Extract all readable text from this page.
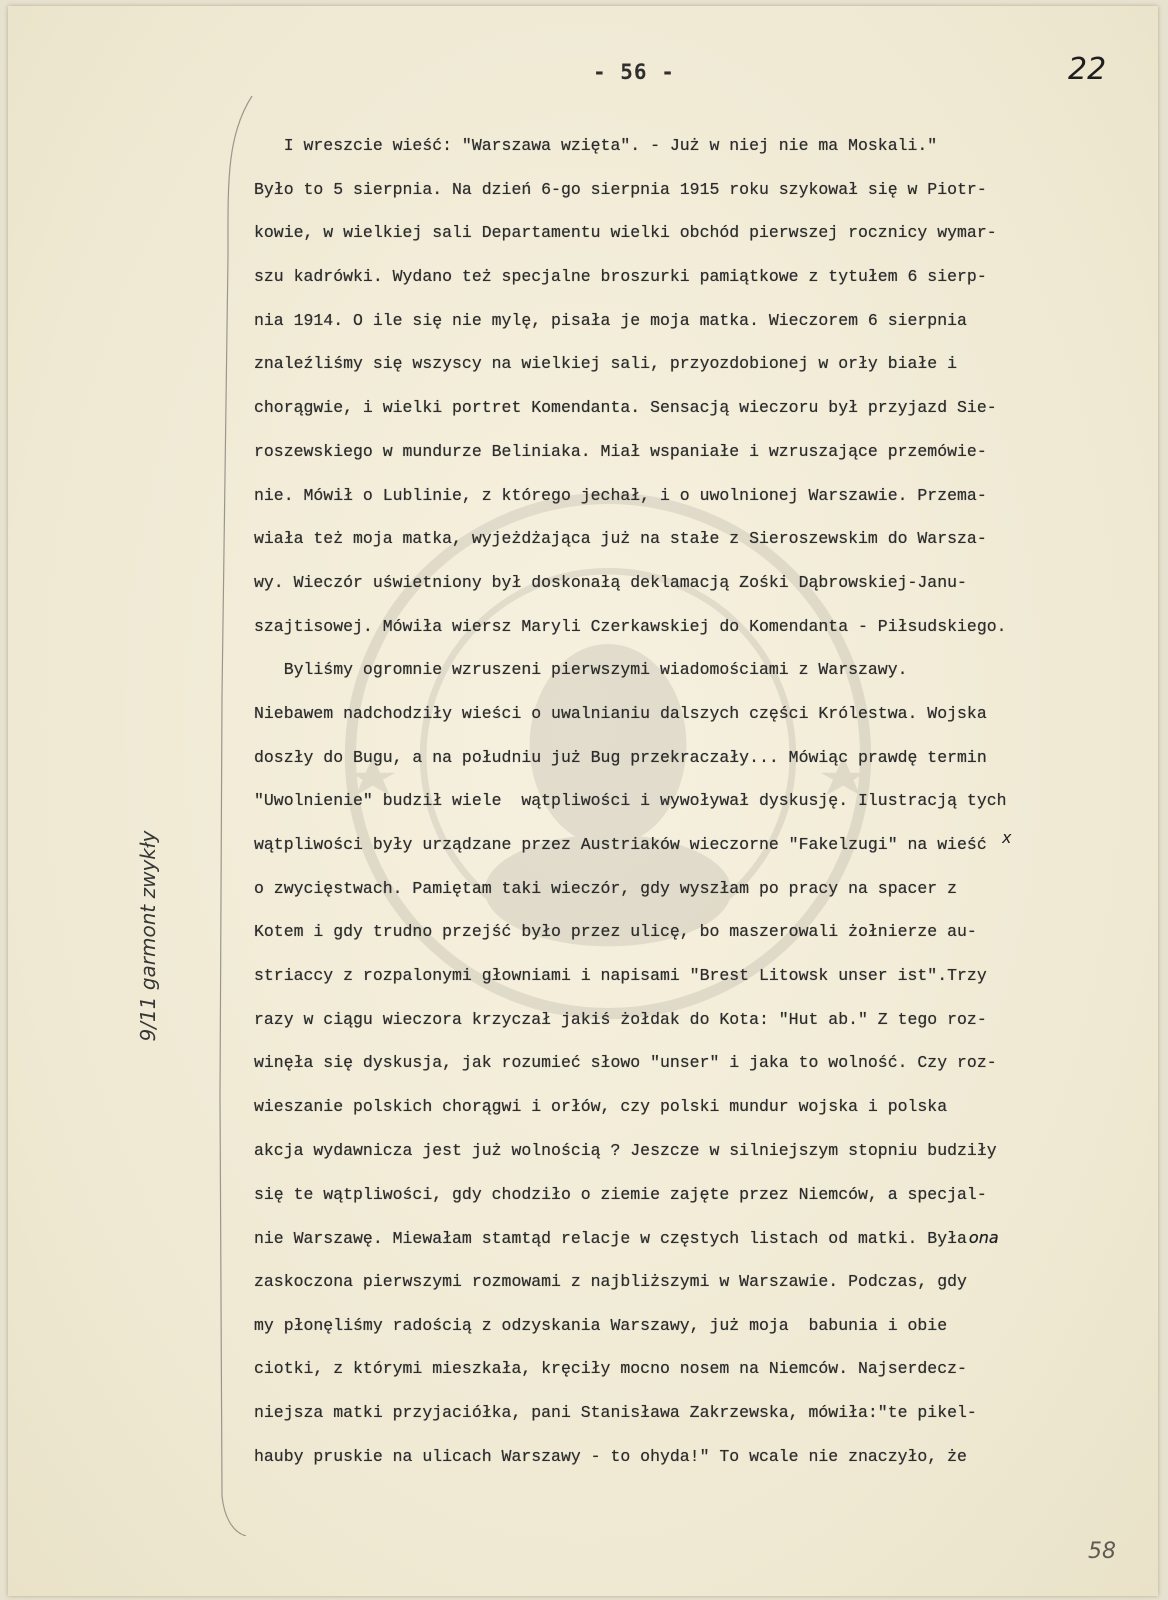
- 56 -	22
9/11 garmont zwykły
I wreszcie wieść: "Warszawa wzięta". - Już w niej nie ma Moskali."
Było to 5 sierpnia. Na dzień 6-go sierpnia 1915 roku szykował się w Piotr-
kowie, w wielkiej sali Departamentu wielki obchód pierwszej rocznicy wymar-
szu kadrówki. Wydano też specjalne broszurki pamiątkowe z tytułem 6 sierp-
nia 1914. O ile się nie mylę, pisała je moja matka. Wieczorem 6 sierpnia
znaleźliśmy się wszyscy na wielkiej sali, przyozdobionej w orły białe i
chorągwie, i wielki portret Komendanta. Sensacją wieczoru był przyjazd Sie-
roszewskiego w mundurze Beliniaka. Miał wspaniałe i wzruszające przemówie-
nie. Mówił o Lublinie, z którego jechał, i o uwolnionej Warszawie. Przema-
wiała też moja matka, wyjeżdżająca już na stałe z Sieroszewskim do Warsza-
wy. Wieczór uświetniony był doskonałą deklamacją Zośki Dąbrowskiej-Janu-
szajtisowej. Mówiła wiersz Maryli Czerkawskiej do Komendanta - Piłsudskiego.
Byliśmy ogromnie wzruszeni pierwszymi wiadomościami z Warszawy.
Niebawem nadchodziły wieści o uwalnianiu dalszych części Królestwa. Wojska
doszły do Bugu, a na południu już Bug przekraczały... Mówiąc prawdę termin
"Uwolnienie" budził wiele  wątpliwości i wywoływał dyskusję. Ilustracją tych
wątpliwości były urządzane przez Austriaków wieczorne "Fakelzugi" na wieść
o zwycięstwach. Pamiętam taki wieczór, gdy wyszłam po pracy na spacer z
Kotem i gdy trudno przejść było przez ulicę, bo maszerowali żołnierze au-
striaccy z rozpalonymi głowniami i napisami "Brest Litowsk unser ist".Trzy
razy w ciągu wieczora krzyczał jakiś żołdak do Kota: "Hut ab." Z tego roz-
winęła się dyskusja, jak rozumieć słowo "unser" i jaka to wolność. Czy roz-
wieszanie polskich chorągwi i orłów, czy polski mundur wojska i polska
akcja wydawnicza jest już wolnością ? Jeszcze w silniejszym stopniu budziły
się te wątpliwości, gdy chodziło o ziemie zajęte przez Niemców, a specjal-
nie Warszawę. Miewałam stamtąd relacje w częstych listach od matki. Była ona
zaskoczona pierwszymi rozmowami z najbliższymi w Warszawie. Podczas, gdy
my płonęliśmy radością z odzyskania Warszawy, już moja  babunia i obie
ciotki, z którymi mieszkała, kręciły mocno nosem na Niemców. Najserdecz-
niejsza matki przyjaciółka, pani Stanisława Zakrzewska, mówiła:"te pikel-
hauby pruskie na ulicach Warszawy - to ohyda!" To wcale nie znaczyło, że
58
x
